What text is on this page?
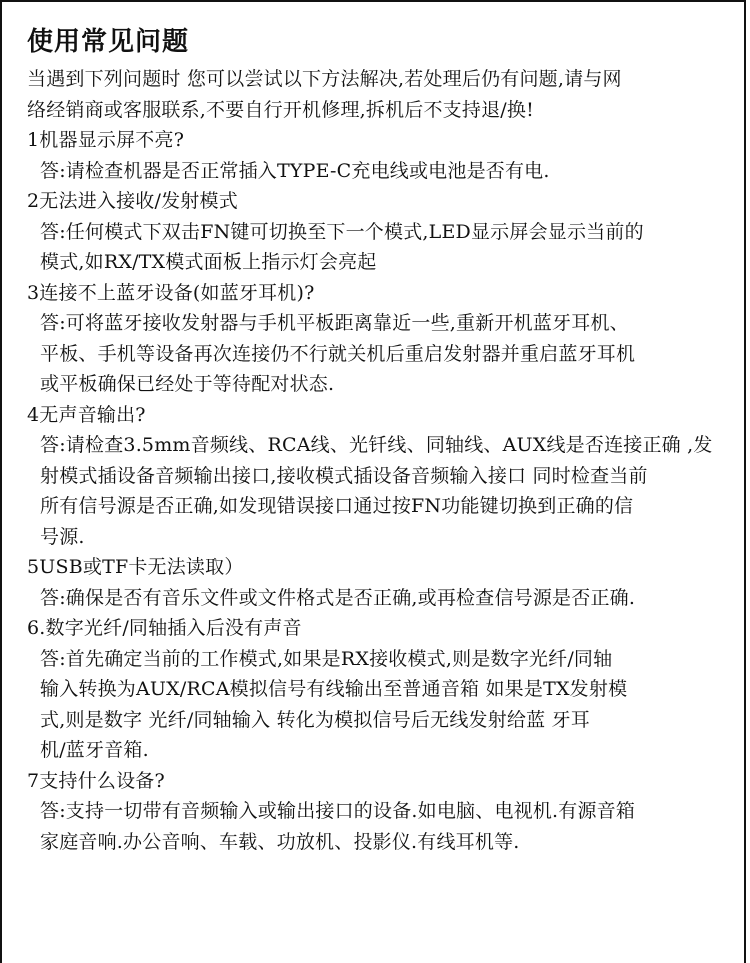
使用常见问题
当遇到下列问题时 您可以尝试以下方法解决,若处理后仍有问题,请与网
络经销商或客服联系,不要自行开机修理,拆机后不支持退/换!
1机器显示屏不亮?
答:请检查机器是否正常插入TYPE-C充电线或电池是否有电.
2无法进入接收/发射模式
答:任何模式下双击FN键可切换至下一个模式,LED显示屏会显示当前的
模式,如RX/TX模式面板上指示灯会亮起
3连接不上蓝牙设备(如蓝牙耳机)?
答:可将蓝牙接收发射器与手机平板距离靠近一些,重新开机蓝牙耳机、
平板、手机等设备再次连接仍不行就关机后重启发射器并重启蓝牙耳机
或平板确保已经处于等待配对状态.
4无声音输出?
答:请检查3.5mm音频线、RCA线、光钎线、同轴线、AUX线是否连接正确 ,发
射模式插设备音频输出接口,接收模式插设备音频输入接口 同时检查当前
所有信号源是否正确,如发现错误接口通过按FN功能键切换到正确的信
号源.
5USB或TF卡无法读取）
答:确保是否有音乐文件或文件格式是否正确,或再检查信号源是否正确.
6.数字光纤/同轴插入后没有声音
答:首先确定当前的工作模式,如果是RX接收模式,则是数字光纤/同轴
输入转换为AUX/RCA模拟信号有线输出至普通音箱 如果是TX发射模
式,则是数字 光纤/同轴输入 转化为模拟信号后无线发射给蓝 牙耳
机/蓝牙音箱.
7支持什么设备?
答:支持一切带有音频输入或输出接口的设备.如电脑、电视机.有源音箱
家庭音响.办公音响、车载、功放机、投影仪.有线耳机等.
